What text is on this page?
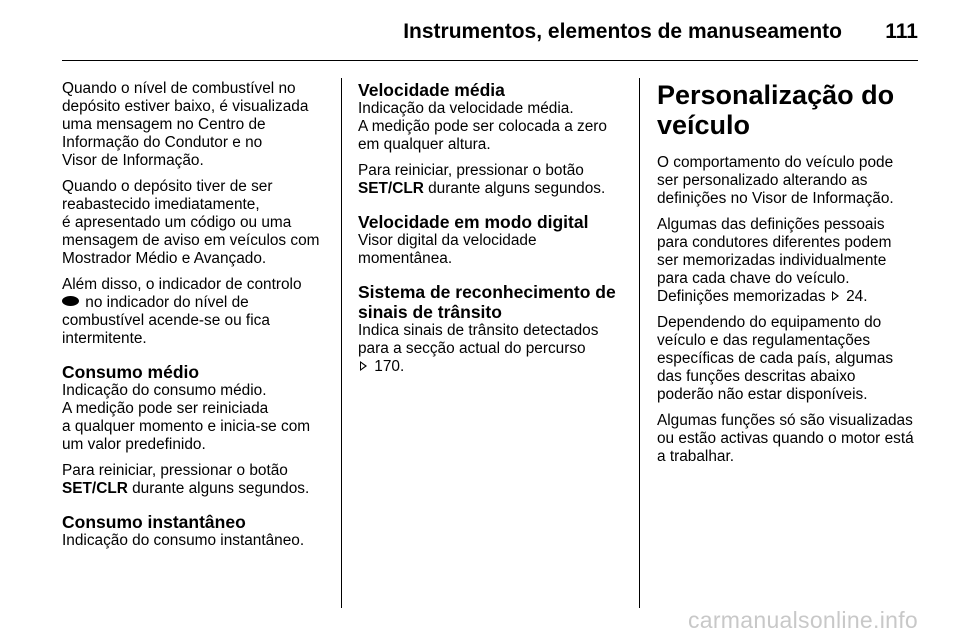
Instrumentos, elementos de manuseamento 111

Quando o nível de combustível no
depósito estiver baixo, é visualizada
uma mensagem no Centro de
Informação do Condutor e no
Visor de Informação.

Quando o depósito tiver de ser
reabastecido imediatamente,
é apresentado um código ou uma
mensagem de aviso em veículos com
Mostrador Médio e Avançado.

Além disso, o indicador de controlo
no indicador do nível de
combustível acende-se ou fica
intermitente.

Consumo médio

Indicação do consumo médio.
A medição pode ser reiniciada
a qualquer momento e inicia-se com
um valor predefinido.

Para reiniciar, pressionar o botão
SET/CLR durante alguns segundos.

Consumo instantâneo

Indicação do consumo instantâneo.

Velocidade média

Indicação da velocidade média.
A medição pode ser colocada a zero
em qualquer altura.

Para reiniciar, pressionar o botão
SET/CLR durante alguns segundos.

Velocidade em modo digital

Visor digital da velocidade
momentânea.

Sistema de reconhecimento de
sinais de trânsito

Indica sinais de trânsito detectados
para a secção actual do percurso
170.

Personalização do
veículo

O comportamento do veículo pode
ser personalizado alterando as
definições no Visor de Informação.

Algumas das definições pessoais
para condutores diferentes podem
ser memorizadas individualmente
para cada chave do veículo.
Definições memorizadas 24.

Dependendo do equipamento do
veículo e das regulamentações
específicas de cada país, algumas
das funções descritas abaixo
poderão não estar disponíveis.

Algumas funções só são visualizadas
ou estão activas quando o motor está
a trabalhar.

carmanualsonline.info
